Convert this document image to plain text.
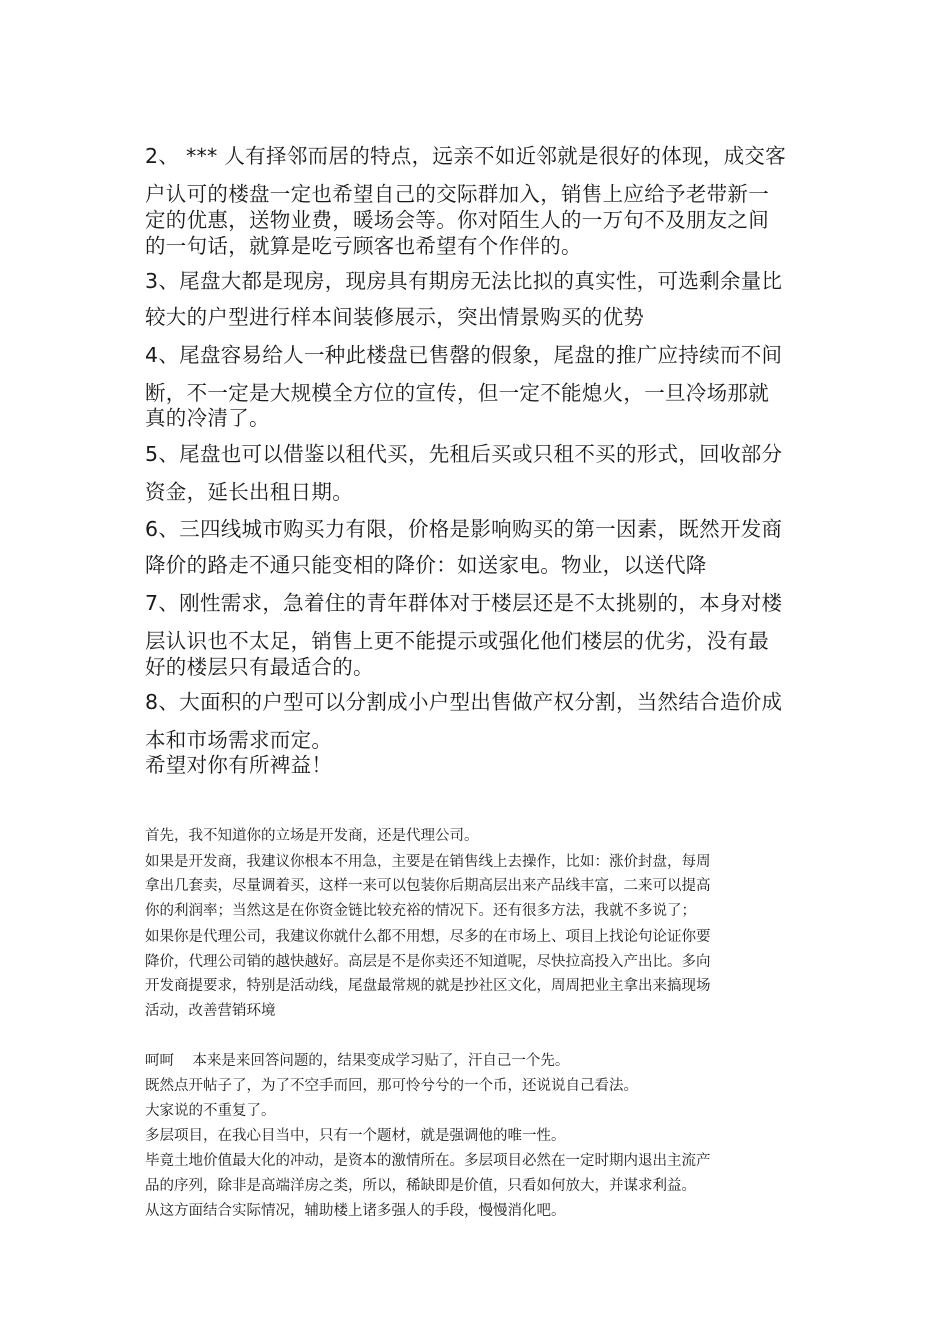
2、 *** 人有择邻而居的特点，远亲不如近邻就是很好的体现，成交客
户认可的楼盘一定也希望自己的交际群加入，销售上应给予老带新一
定的优惠，送物业费，暖场会等。你对陌生人的一万句不及朋友之间
的一句话，就算是吃亏顾客也希望有个作伴的。
3、尾盘大都是现房，现房具有期房无法比拟的真实性，可选剩余量比
较大的户型进行样本间装修展示，突出情景购买的优势
4、尾盘容易给人一种此楼盘已售罄的假象，尾盘的推广应持续而不间
断，不一定是大规模全方位的宣传，但一定不能熄火，一旦冷场那就
真的冷清了。
5、尾盘也可以借鉴以租代买，先租后买或只租不买的形式，回收部分
资金，延长出租日期。
6、三四线城市购买力有限，价格是影响购买的第一因素，既然开发商
降价的路走不通只能变相的降价：如送家电。物业，以送代降
7、刚性需求，急着住的青年群体对于楼层还是不太挑剔的，本身对楼
层认识也不太足，销售上更不能提示或强化他们楼层的优劣，没有最
好的楼层只有最适合的。
8、大面积的户型可以分割成小户型出售做产权分割，当然结合造价成
本和市场需求而定。
希望对你有所裨益！
首先，我不知道你的立场是开发商，还是代理公司。
如果是开发商，我建议你根本不用急，主要是在销售线上去操作，比如：涨价封盘，每周
拿出几套卖，尽量调着买，这样一来可以包装你后期高层出来产品线丰富，二来可以提高
你的利润率；当然这是在你资金链比较充裕的情况下。还有很多方法，我就不多说了；
如果你是代理公司，我建议你就什么都不用想，尽多的在市场上、项目上找论句论证你要
降价，代理公司销的越快越好。高层是不是你卖还不知道呢，尽快拉高投入产出比。多向
开发商提要求，特别是活动线，尾盘最常规的就是抄社区文化，周周把业主拿出来搞现场
活动，改善营销环境
呵呵    本来是来回答问题的，结果变成学习贴了，汗自己一个先。
既然点开帖子了，为了不空手而回，那可怜兮兮的一个币，还说说自己看法。
大家说的不重复了。
多层项目，在我心目当中，只有一个题材，就是强调他的唯一性。
毕竟土地价值最大化的冲动，是资本的激情所在。多层项目必然在一定时期内退出主流产
品的序列，除非是高端洋房之类，所以，稀缺即是价值，只看如何放大，并谋求利益。
从这方面结合实际情况，辅助楼上诸多强人的手段，慢慢消化吧。
